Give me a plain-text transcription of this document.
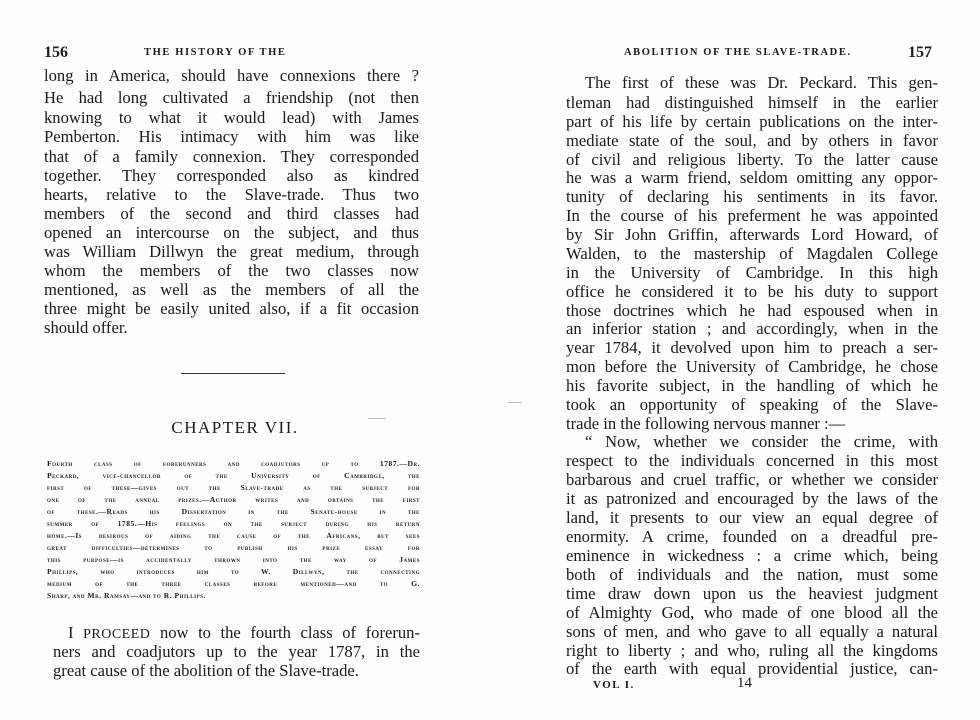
156	THE HISTORY OF THE
long in America, should have connexions there ?
He had long cultivated a friendship (not then
knowing to what it would lead) with James
Pemberton. His intimacy with him was like
that of a family connexion. They corresponded
together. They corresponded also as kindred
hearts, relative to the Slave-trade. Thus two
members of the second and third classes had
opened an intercourse on the subject, and thus
was William Dillwyn the great medium, through
whom the members of the two classes now
mentioned, as well as the members of all the
three might be easily united also, if a fit occasion
should offer.
CHAPTER VII.
Fourth class of forerunners and coadjutors up to 1787.—Dr.
Peckard, vice-chancellor of the University of Cambridge, the
first of these—gives out the Slave-trade as the subject for
one of the annual prizes.—Author writes and obtains the first
of these.—Reads his Dissertation in the Senate-house in the
summer of 1785.—His feelings on the subject during his return
home.—Is desirous of aiding the cause of the Africans, but sees
great difficulties—determines to publish his prize essay for
this purpose—is accidentally thrown into the way of James
Phillips, who introduces him to W. Dillwyn, the connecting
medium of the three classes before mentioned—and to G.
Sharp, and Mr. Ramsay—and to R. Phillips.
I PROCEED now to the fourth class of forerun-
ners and coadjutors up to the year 1787, in the
great cause of the abolition of the Slave-trade.
ABOLITION OF THE SLAVE-TRADE.	157
The first of these was Dr. Peckard. This gen-
tleman had distinguished himself in the earlier
part of his life by certain publications on the inter-
mediate state of the soul, and by others in favor
of civil and religious liberty. To the latter cause
he was a warm friend, seldom omitting any oppor-
tunity of declaring his sentiments in its favor.
In the course of his preferment he was appointed
by Sir John Griffin, afterwards Lord Howard, of
Walden, to the mastership of Magdalen College
in the University of Cambridge. In this high
office he considered it to be his duty to support
those doctrines which he had espoused when in
an inferior station ; and accordingly, when in the
year 1784, it devolved upon him to preach a ser-
mon before the University of Cambridge, he chose
his favorite subject, in the handling of which he
took an opportunity of speaking of the Slave-
trade in the following nervous manner :—
“ Now, whether we consider the crime, with
respect to the individuals concerned in this most
barbarous and cruel traffic, or whether we consider
it as patronized and encouraged by the laws of the
land, it presents to our view an equal degree of
enormity. A crime, founded on a dreadful pre-
eminence in wickedness : a crime which, being
both of individuals and the nation, must some
time draw down upon us the heaviest judgment
of Almighty God, who made of one blood all the
sons of men, and who gave to all equally a natural
right to liberty ; and who, ruling all the kingdoms
of the earth with equal providential justice, can-
VOL I.	14
